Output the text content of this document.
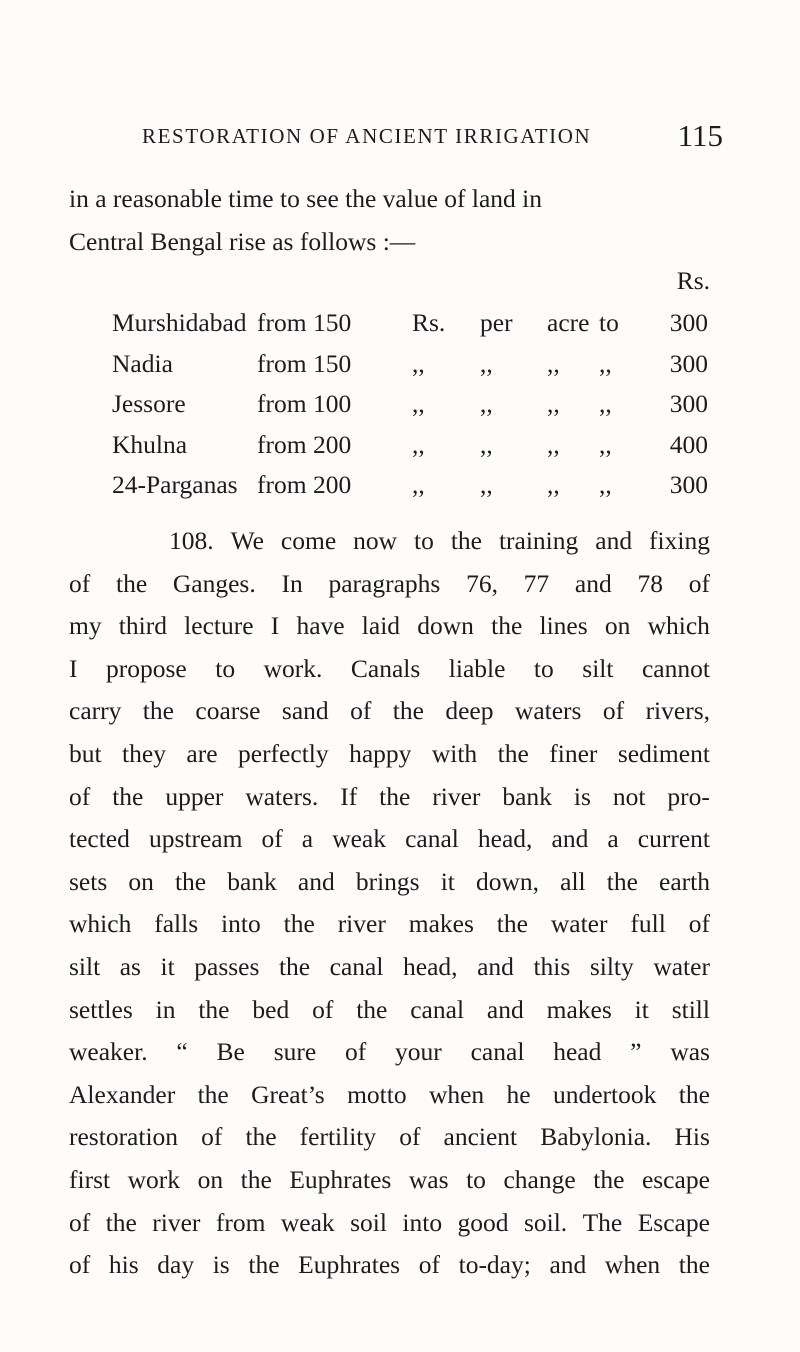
RESTORATION OF ANCIENT IRRIGATION	115
in a reasonable time to see the value of land in
Central Bengal rise as follows :—
Rs.
Murshidabad from 150 Rs. per acre to 300
Nadia	from 150 ,, ,, ,, ,, 300
Jessore	from 100 ,, ,, ,, ,, 300
Khulna	from 200 ,, ,, ,, ,, 400
24-Parganas from 200 ,, ,, ,, ,, 300
108. We come now to the training and fixing
of the Ganges. In paragraphs 76, 77 and 78 of
my third lecture I have laid down the lines on which
I propose to work. Canals liable to silt cannot
carry the coarse sand of the deep waters of rivers,
but they are perfectly happy with the finer sediment
of the upper waters. If the river bank is not pro-
tected upstream of a weak canal head, and a current
sets on the bank and brings it down, all the earth
which falls into the river makes the water full of
silt as it passes the canal head, and this silty water
settles in the bed of the canal and makes it still
weaker. “ Be sure of your canal head ” was
Alexander the Great’s motto when he undertook the
restoration of the fertility of ancient Babylonia. His
first work on the Euphrates was to change the escape
of the river from weak soil into good soil. The Escape
of his day is the Euphrates of to-day; and when the
